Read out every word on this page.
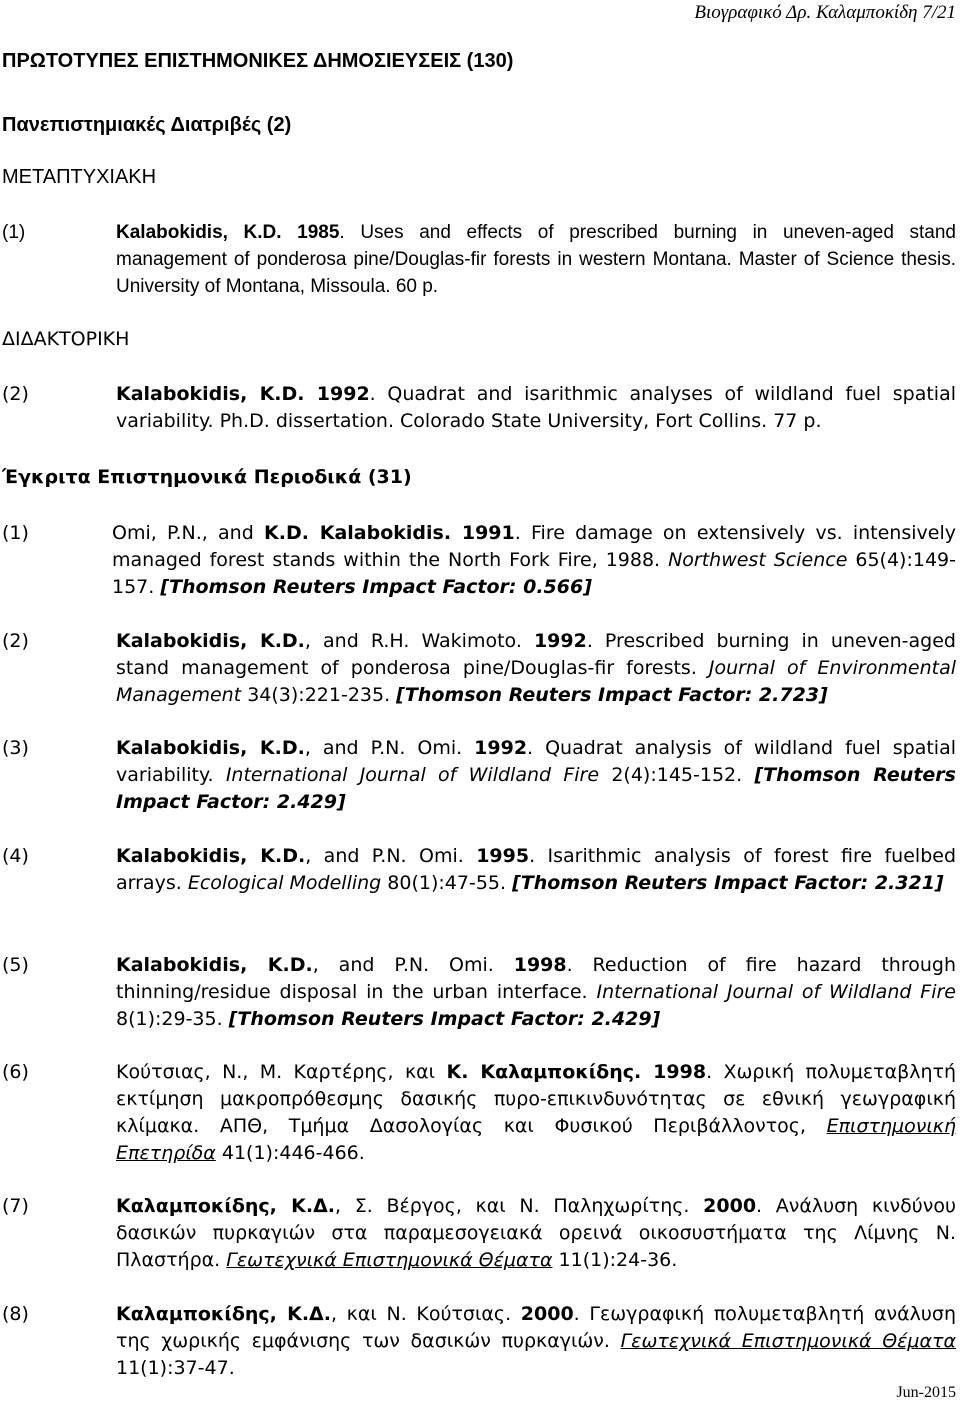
Βιογραφικό Δρ. Καλαμποκίδη 7/21
ΠΡΩΤΟΤΥΠΕΣ ΕΠΙΣΤΗΜΟΝΙΚΕΣ ΔΗΜΟΣΙΕΥΣΕΙΣ (130)
Πανεπιστημιακές Διατριβές (2)
ΜΕΤΑΠΤΥΧΙΑΚΗ
(1)	Kalabokidis, K.D. 1985. Uses and effects of prescribed burning in uneven-aged stand management of ponderosa pine/Douglas-fir forests in western Montana. Master of Science thesis. University of Montana, Missoula. 60 p.
ΔΙΔΑΚΤΟΡΙΚΗ
(2)	Kalabokidis, K.D. 1992. Quadrat and isarithmic analyses of wildland fuel spatial variability. Ph.D. dissertation. Colorado State University, Fort Collins. 77 p.
Έγκριτα Επιστημονικά Περιοδικά (31)
(1)	Omi, P.N., and K.D. Kalabokidis. 1991. Fire damage on extensively vs. intensively managed forest stands within the North Fork Fire, 1988. Northwest Science 65(4):149-157. [Thomson Reuters Impact Factor: 0.566]
(2)	Kalabokidis, K.D., and R.H. Wakimoto. 1992. Prescribed burning in uneven-aged stand management of ponderosa pine/Douglas-fir forests. Journal of Environmental Management 34(3):221-235. [Thomson Reuters Impact Factor: 2.723]
(3)	Kalabokidis, K.D., and P.N. Omi. 1992. Quadrat analysis of wildland fuel spatial variability. International Journal of Wildland Fire 2(4):145-152. [Thomson Reuters Impact Factor: 2.429]
(4)	Kalabokidis, K.D., and P.N. Omi. 1995. Isarithmic analysis of forest fire fuelbed arrays. Ecological Modelling 80(1):47-55. [Thomson Reuters Impact Factor: 2.321]
(5)	Kalabokidis, K.D., and P.N. Omi. 1998. Reduction of fire hazard through thinning/residue disposal in the urban interface. International Journal of Wildland Fire 8(1):29-35. [Thomson Reuters Impact Factor: 2.429]
(6)	Κούτσιας, Ν., Μ. Καρτέρης, και Κ. Καλαμποκίδης. 1998. Χωρική πολυμεταβλητή εκτίμηση μακροπρόθεσμης δασικής πυρο-επικινδυνότητας σε εθνική γεωγραφική κλίμακα. ΑΠΘ, Τμήμα Δασολογίας και Φυσικού Περιβάλλοντος, Επιστημονική Επετηρίδα 41(1):446-466.
(7)	Καλαμποκίδης, Κ.Δ., Σ. Βέργος, και Ν. Παληχωρίτης. 2000. Ανάλυση κινδύνου δασικών πυρκαγιών στα παραμεσογειακά ορεινά οικοσυστήματα της Λίμνης Ν. Πλαστήρα. Γεωτεχνικά Επιστημονικά Θέματα 11(1):24-36.
(8)	Καλαμποκίδης, Κ.Δ., και Ν. Κούτσιας. 2000. Γεωγραφική πολυμεταβλητή ανάλυση της χωρικής εμφάνισης των δασικών πυρκαγιών. Γεωτεχνικά Επιστημονικά Θέματα 11(1):37-47.
Jun-2015
